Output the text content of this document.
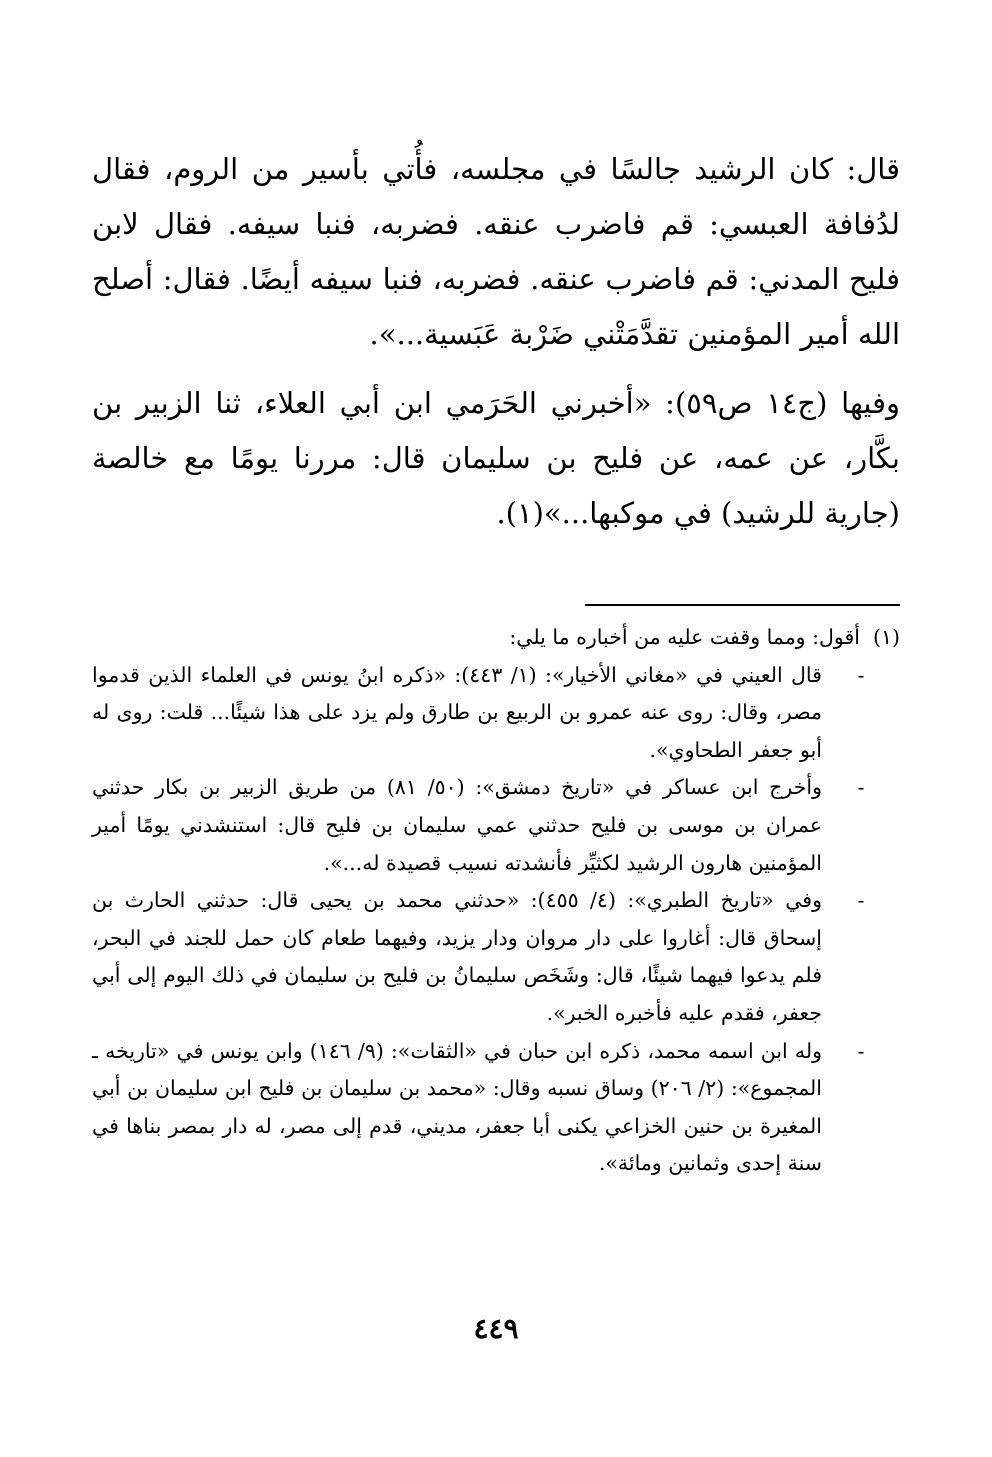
قال: كان الرشيد جالسًا في مجلسه، فأُتي بأسير من الروم، فقال لدُفافة العبسي: قم فاضرب عنقه. فضربه، فنبا سيفه. فقال لابن فليح المدني: قم فاضرب عنقه. فضربه، فنبا سيفه أيضًا. فقال: أصلح الله أمير المؤمنين تقدَّمَتْني ضَرْبة عَبَسية...».

وفيها (ج١٤ ص٥٩): «أخبرني الحَرَمي ابن أبي العلاء، ثنا الزبير بن بكَّار، عن عمه، عن فليح بن سليمان قال: مررنا يومًا مع خالصة (جارية للرشيد) في موكبها...»(١).

(١)أقول: ومما وقفت عليه من أخباره ما يلي:

-
قال العيني في «مغاني الأخيار»: (١/ ٤٤٣): «ذكره ابنُ يونس في العلماء الذين قدموا مصر، وقال: روى عنه عمرو بن الربيع بن طارق ولم يزد على هذا شيئًا... قلت: روى له أبو جعفر الطحاوي».
-
وأخرج ابن عساكر في «تاريخ دمشق»: (٥٠/ ٨١) من طريق الزبير بن بكار حدثني عمران بن موسى بن فليح حدثني عمي سليمان بن فليح قال: استنشدني يومًا أمير المؤمنين هارون الرشيد لكثيِّر فأنشدته نسيب قصيدة له...».
-
وفي «تاريخ الطبري»: (٤/ ٤٥٥): «حدثني محمد بن يحيى قال: حدثني الحارث بن إسحاق قال: أغاروا على دار مروان ودار يزيد، وفيهما طعام كان حمل للجند في البحر، فلم يدعوا فيهما شيئًا، قال: وشَخَص سليمانُ بن فليح بن سليمان في ذلك اليوم إلى أبي جعفر، فقدم عليه فأخبره الخبر».
-
وله ابن اسمه محمد، ذكره ابن حبان في «الثقات»: (٩/ ١٤٦) وابن يونس في «تاريخه ـ المجموع»: (٢/ ٢٠٦) وساق نسبه وقال: «محمد بن سليمان بن فليح ابن سليمان بن أبي المغيرة بن حنين الخزاعي يكنى أبا جعفر، مديني، قدم إلى مصر، له دار بمصر بناها في سنة إحدى وثمانين ومائة».
٤٤٩
